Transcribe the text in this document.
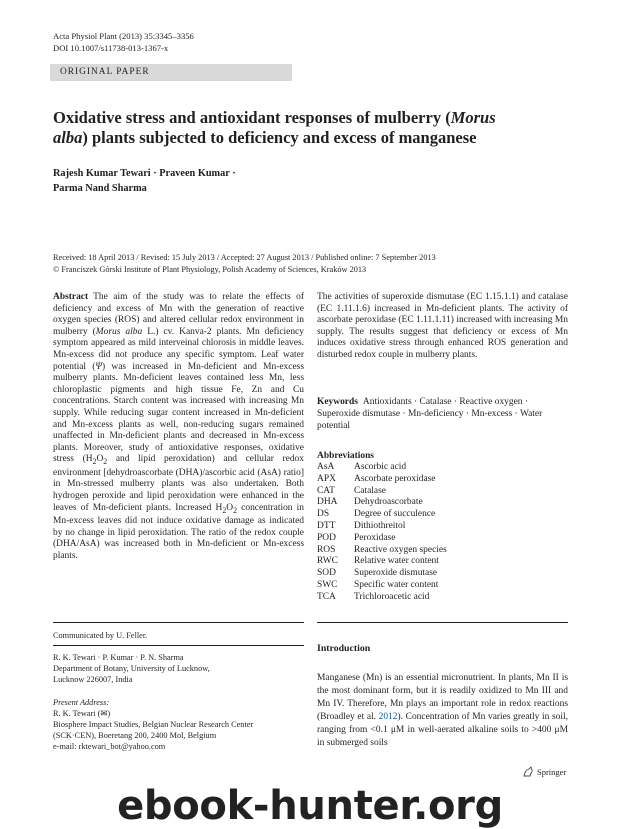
Acta Physiol Plant (2013) 35:3345–3356
DOI 10.1007/s11738-013-1367-x
ORIGINAL PAPER
Oxidative stress and antioxidant responses of mulberry (Morus alba) plants subjected to deficiency and excess of manganese
Rajesh Kumar Tewari · Praveen Kumar ·
Parma Nand Sharma
Received: 18 April 2013 / Revised: 15 July 2013 / Accepted: 27 August 2013 / Published online: 7 September 2013
© Franciszek Górski Institute of Plant Physiology, Polish Academy of Sciences, Kraków 2013

Abstract The aim of the study was to relate the effects of deficiency and excess of Mn with the generation of reactive oxygen species (ROS) and altered cellular redox environment in mulberry (Morus alba L.) cv. Kanva-2 plants. Mn deficiency symptom appeared as mild interveinal chlorosis in middle leaves. Mn-excess did not produce any specific symptom. Leaf water potential (Ψ) was increased in Mn-deficient and Mn-excess mulberry plants. Mn-deficient leaves contained less Mn, less chloroplastic pigments and high tissue Fe, Zn and Cu concentrations. Starch content was increased with increasing Mn supply. While reducing sugar content increased in Mn-deficient and Mn-excess plants as well, non-reducing sugars remained unaffected in Mn-deficient plants and decreased in Mn-excess plants. Moreover, study of antioxidative responses, oxidative stress ($H_2O_2$ and lipid peroxidation) and cellular redox environment [dehydroascorbate (DHA)/ascorbic acid (AsA) ratio] in Mn-stressed mulberry plants was also undertaken. Both hydrogen peroxide and lipid peroxidation were enhanced in the leaves of Mn-deficient plants. Increased $H_2O_2$ concentration in Mn-excess leaves did not induce oxidative damage as indicated by no change in lipid peroxidation. The ratio of the redox couple (DHA/AsA) was increased both in Mn-deficient or Mn-excess plants.

The activities of superoxide dismutase (EC 1.15.1.1) and catalase (EC 1.11.1.6) increased in Mn-deficient plants. The activity of ascorbate peroxidase (EC 1.11.1.11) increased with increasing Mn supply. The results suggest that deficiency or excess of Mn induces oxidative stress through enhanced ROS generation and disturbed redox couple in mulberry plants.

Keywords Antioxidants · Catalase · Reactive oxygen · Superoxide dismutase · Mn-deficiency · Mn-excess · Water potential

Abbreviations
AsA	Ascorbic acid
APX	Ascorbate peroxidase
CAT	Catalase
DHA	Dehydroascorbate
DS	Degree of succulence
DTT	Dithiothreitol
POD	Peroxidase
ROS	Reactive oxygen species
RWC	Relative water content
SOD	Superoxide dismutase
SWC	Specific water content
TCA	Trichloroacetic acid
Communicated by U. Feller.
R. K. Tewari · P. Kumar · P. N. Sharma
Department of Botany, University of Lucknow,
Lucknow 226007, India
Present Address:
R. K. Tewari (✉)
Biosphere Impact Studies, Belgian Nuclear Research Center
(SCK·CEN), Boeretang 200, 2400 Mol, Belgium
e-mail: rktewari_bot@yahoo.com
Introduction

Manganese (Mn) is an essential micronutrient. In plants, Mn II is the most dominant form, but it is readily oxidized to Mn III and Mn IV. Therefore, Mn plays an important role in redox reactions (Broadley et al. 2012). Concentration of Mn varies greatly in soil, ranging from <0.1 μM in well-aerated alkaline soils to >400 μM in submerged soils

Springer
ebook-hunter.org
